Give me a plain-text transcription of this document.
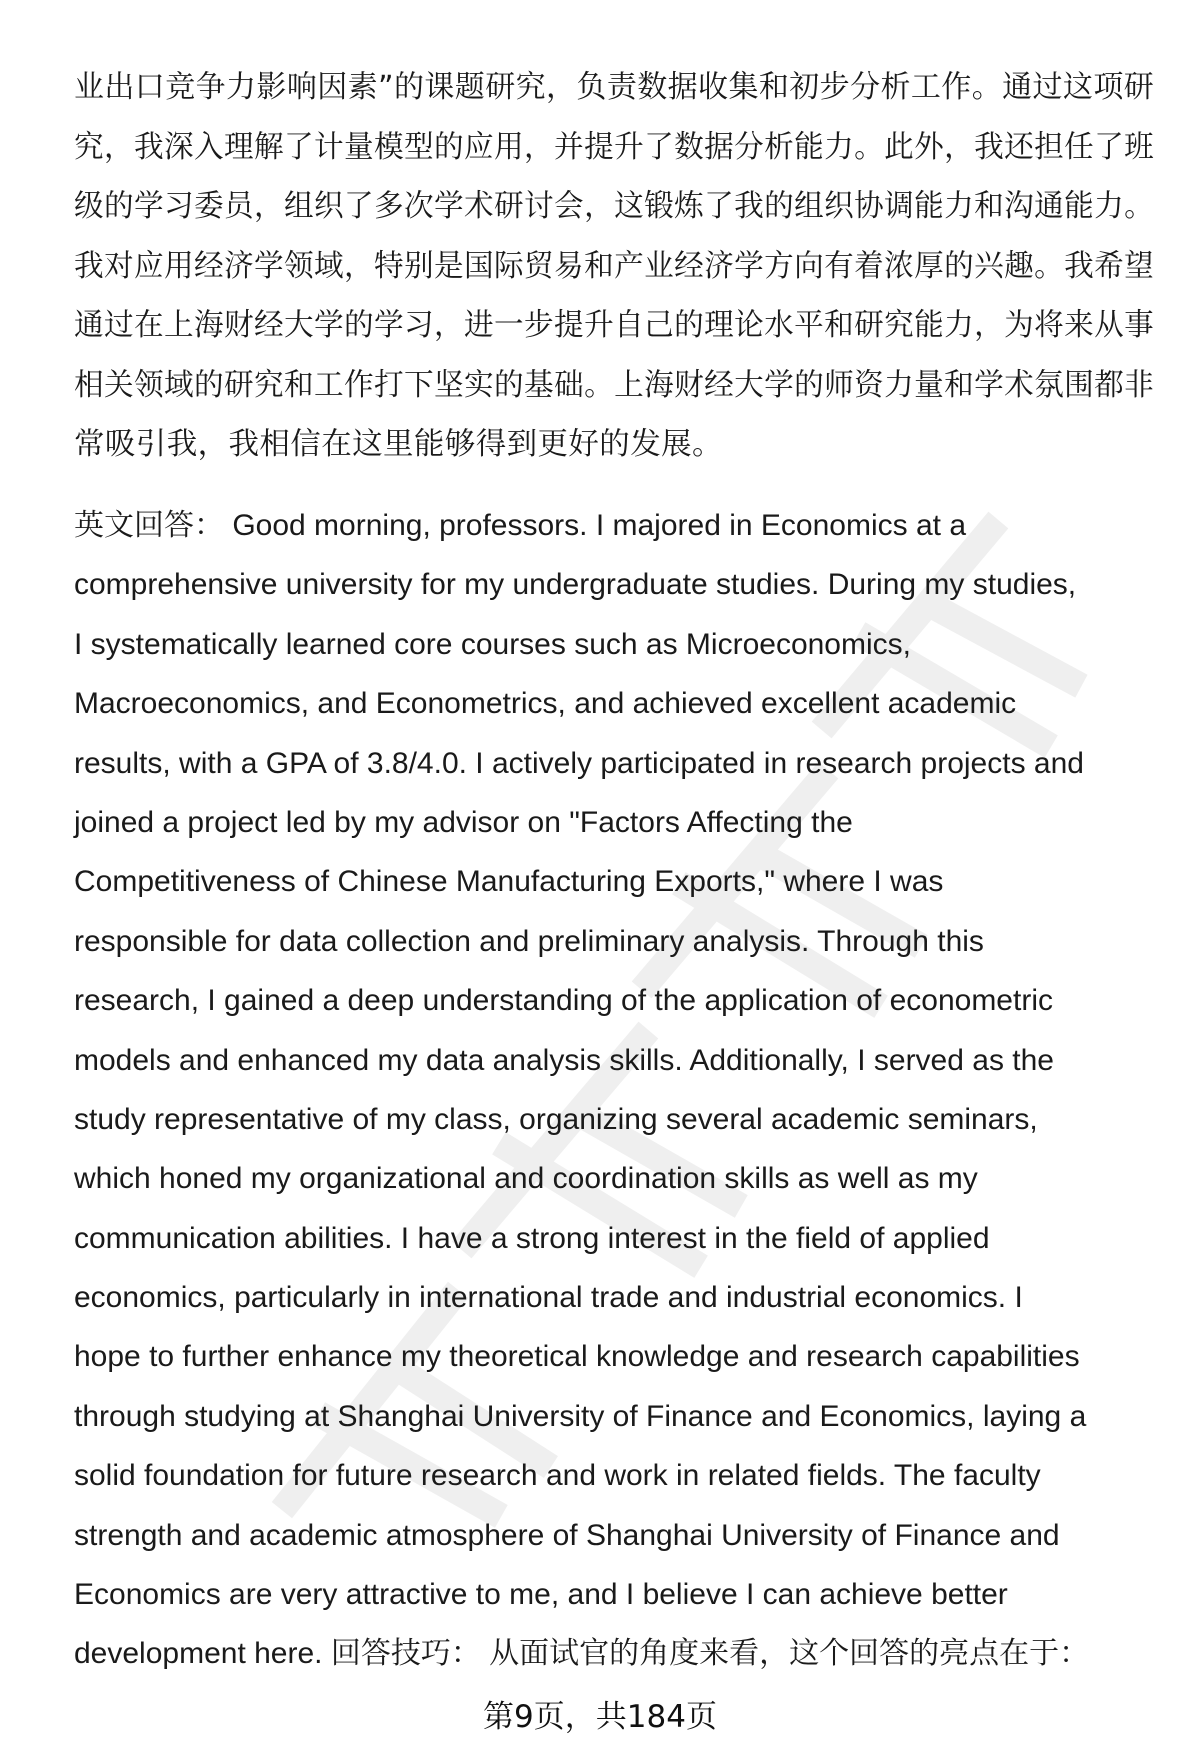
业出口竞争力影响因素”的课题研究，负责数据收集和初步分析工作。通过这项研
究，我深入理解了计量模型的应用，并提升了数据分析能力。此外，我还担任了班
级的学习委员，组织了多次学术研讨会，这锻炼了我的组织协调能力和沟通能力。
我对应用经济学领域，特别是国际贸易和产业经济学方向有着浓厚的兴趣。我希望
通过在上海财经大学的学习，进一步提升自己的理论水平和研究能力，为将来从事
相关领域的研究和工作打下坚实的基础。上海财经大学的师资力量和学术氛围都非
常吸引我，我相信在这里能够得到更好的发展。
英文回答： Good morning, professors. I majored in Economics at a
comprehensive university for my undergraduate studies. During my studies,
I systematically learned core courses such as Microeconomics,
Macroeconomics, and Econometrics, and achieved excellent academic
results, with a GPA of 3.8/4.0. I actively participated in research projects and
joined a project led by my advisor on "Factors Affecting the
Competitiveness of Chinese Manufacturing Exports," where I was
responsible for data collection and preliminary analysis. Through this
research, I gained a deep understanding of the application of econometric
models and enhanced my data analysis skills. Additionally, I served as the
study representative of my class, organizing several academic seminars,
which honed my organizational and coordination skills as well as my
communication abilities. I have a strong interest in the field of applied
economics, particularly in international trade and industrial economics. I
hope to further enhance my theoretical knowledge and research capabilities
through studying at Shanghai University of Finance and Economics, laying a
solid foundation for future research and work in related fields. The faculty
strength and academic atmosphere of Shanghai University of Finance and
Economics are very attractive to me, and I believe I can achieve better
development here. 回答技巧： 从面试官的角度来看，这个回答的亮点在于：
第9页，共184页
